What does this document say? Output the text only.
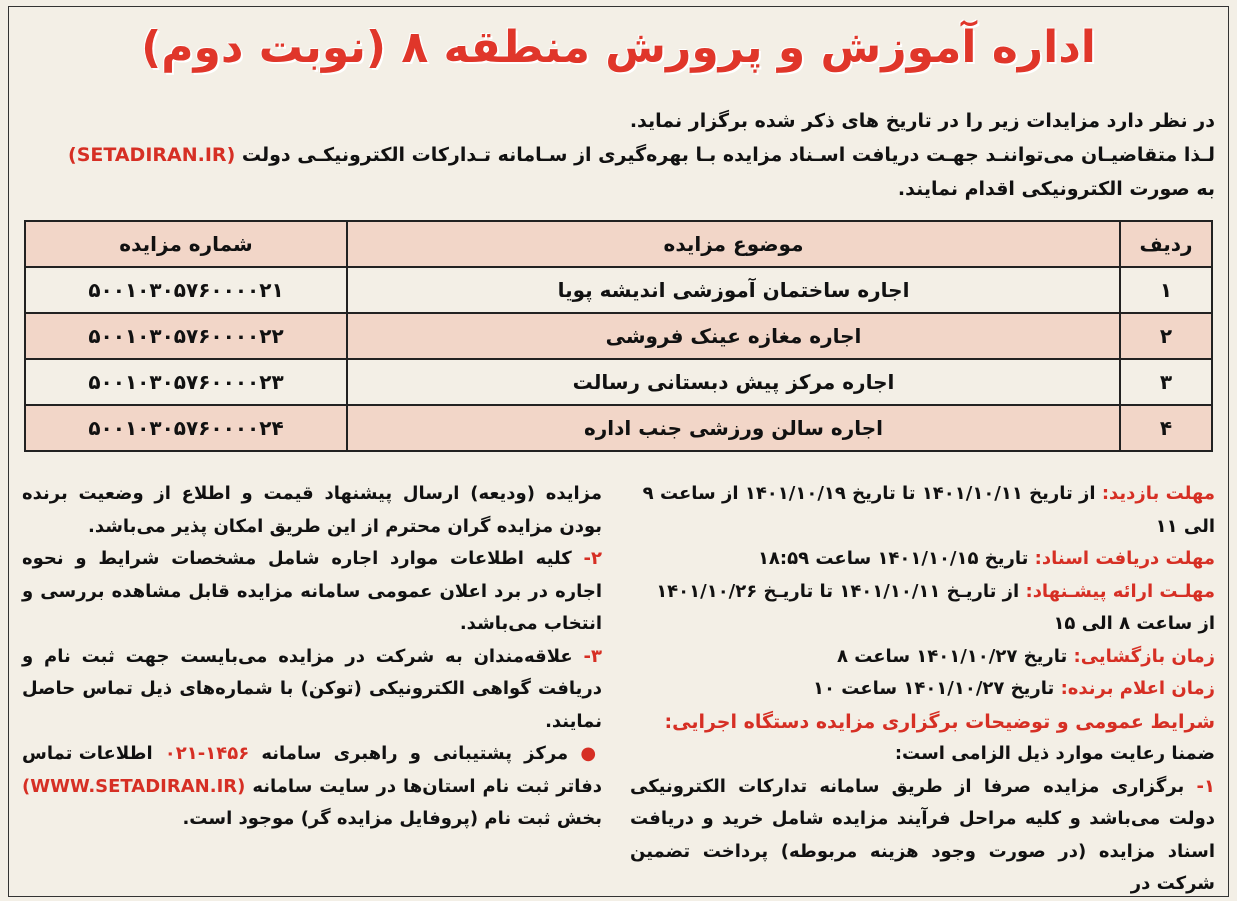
اداره آموزش و پرورش منطقه ۸ (نوبت دوم)
در نظر دارد مزایدات زیر را در تاریخ های ذکر شده برگزار نماید.
لـذا متقاضیـان می‌تواننـد جهـت دریافت اسـناد مزایده بـا بهره‌گیری از سـامانه تـدارکات الکترونیکـی دولت (SETADIRAN.IR)
به صورت الکترونیکی اقدام نمایند.
ردیف	موضوع مزایده	شماره مزایده
۱	اجاره ساختمان آموزشی اندیشه پویا	۵۰۰۱۰۳۰۵۷۶۰۰۰۰۲۱
۲	اجاره مغازه عینک فروشی	۵۰۰۱۰۳۰۵۷۶۰۰۰۰۲۲
۳	اجاره مرکز پیش دبستانی رسالت	۵۰۰۱۰۳۰۵۷۶۰۰۰۰۲۳
۴	اجاره سالن ورزشی جنب اداره	۵۰۰۱۰۳۰۵۷۶۰۰۰۰۲۴
مهلت بازدید: از تاریخ ۱۴۰۱/۱۰/۱۱ تا تاریخ ۱۴۰۱/۱۰/۱۹ از ساعت ۹ الی ۱۱
مهلت دریافت اسناد: تاریخ ۱۴۰۱/۱۰/۱۵ ساعت ۱۸:۵۹
مهلـت ارائه پیشـنهاد: از تاریـخ ۱۴۰۱/۱۰/۱۱ تا تاریـخ ۱۴۰۱/۱۰/۲۶
از ساعت ۸ الی ۱۵
زمان بازگشایی: تاریخ ۱۴۰۱/۱۰/۲۷ ساعت ۸
زمان اعلام برنده: تاریخ ۱۴۰۱/۱۰/۲۷ ساعت ۱۰
شرایط عمومی و توضیحات برگزاری مزایده دستگاه اجرایی:
ضمنا رعایت موارد ذیل الزامی است:
۱- برگزاری مزایده صرفا از طریق سامانه تدارکات الکترونیکی دولت می‌باشد و کلیه مراحل فرآیند مزایده شامل خرید و دریافت اسناد مزایده (در صورت وجود هزینه مربوطه) پرداخت تضمین شرکت در
مزایده (ودیعه) ارسال پیشنهاد قیمت و اطلاع از وضعیت برنده بودن مزایده گران محترم از این طریق امکان پذیر می‌باشد.
۲- کلیه اطلاعات موارد اجاره شامل مشخصات شرایط و نحوه اجاره در برد اعلان عمومی سامانه مزایده قابل مشاهده بررسی و انتخاب می‌باشد.
۳- علاقه‌مندان به شرکت در مزایده می‌بایست جهت ثبت نام و دریافت گواهی الکترونیکی (توکن) با شماره‌های ذیل تماس حاصل نمایند.
● مرکز پشتیبانی و راهبری سامانه ۱۴۵۶-۰۲۱ اطلاعات تماس دفاتر ثبت نام استان‌ها در سایت سامانه (WWW.SETADIRAN.IR) بخش ثبت نام (پروفایل مزایده گر) موجود است.
